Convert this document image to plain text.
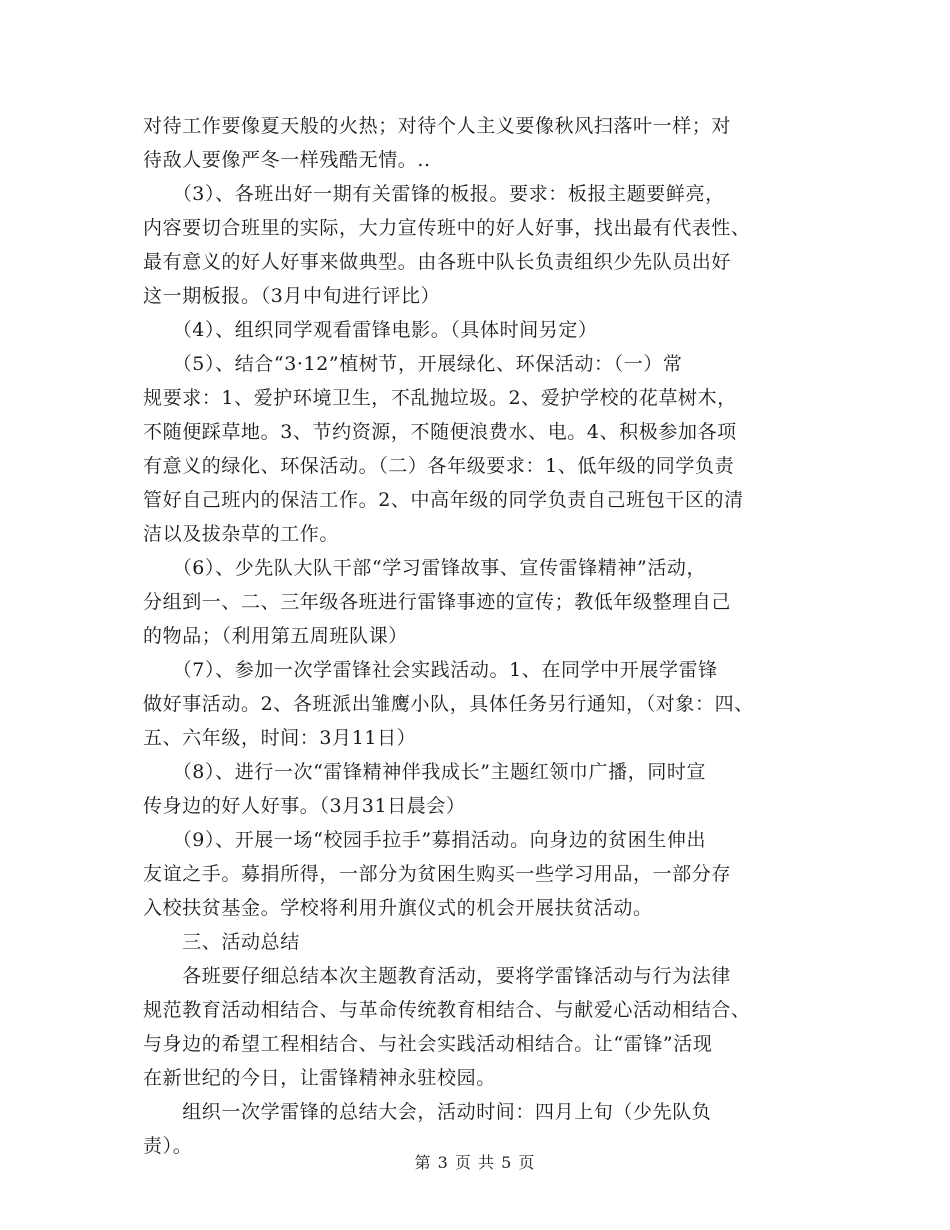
对待工作要像夏天般的火热；对待个人主义要像秋风扫落叶一样；对
待敌人要像严冬一样残酷无情。..
　　（3）、各班出好一期有关雷锋的板报。要求：板报主题要鲜亮，
内容要切合班里的实际，大力宣传班中的好人好事，找出最有代表性、
最有意义的好人好事来做典型。由各班中队长负责组织少先队员出好
这一期板报。（3月中旬进行评比）
　　（4）、组织同学观看雷锋电影。（具体时间另定）
　　（5）、结合“3·12”植树节，开展绿化、环保活动：（一）常
规要求：1、爱护环境卫生，不乱抛垃圾。2、爱护学校的花草树木，
不随便踩草地。3、节约资源，不随便浪费水、电。4、积极参加各项
有意义的绿化、环保活动。（二）各年级要求：1、低年级的同学负责
管好自己班内的保洁工作。2、中高年级的同学负责自己班包干区的清
洁以及拔杂草的工作。
　　（6）、少先队大队干部“学习雷锋故事、宣传雷锋精神”活动，
分组到一、二、三年级各班进行雷锋事迹的宣传；教低年级整理自己
的物品；（利用第五周班队课）
　　（7）、参加一次学雷锋社会实践活动。1、在同学中开展学雷锋
做好事活动。2、各班派出雏鹰小队，具体任务另行通知，（对象：四、
五、六年级，时间：3月11日）
　　（8）、进行一次“雷锋精神伴我成长”主题红领巾广播，同时宣
传身边的好人好事。（3月31日晨会）
　　（9）、开展一场“校园手拉手”募捐活动。向身边的贫困生伸出
友谊之手。募捐所得，一部分为贫困生购买一些学习用品，一部分存
入校扶贫基金。学校将利用升旗仪式的机会开展扶贫活动。
　　三、活动总结
　　各班要仔细总结本次主题教育活动，要将学雷锋活动与行为法律
规范教育活动相结合、与革命传统教育相结合、与献爱心活动相结合、
与身边的希望工程相结合、与社会实践活动相结合。让“雷锋”活现
在新世纪的今日，让雷锋精神永驻校园。
　　组织一次学雷锋的总结大会，活动时间：四月上旬（少先队负
责）。
第 3 页 共 5 页
